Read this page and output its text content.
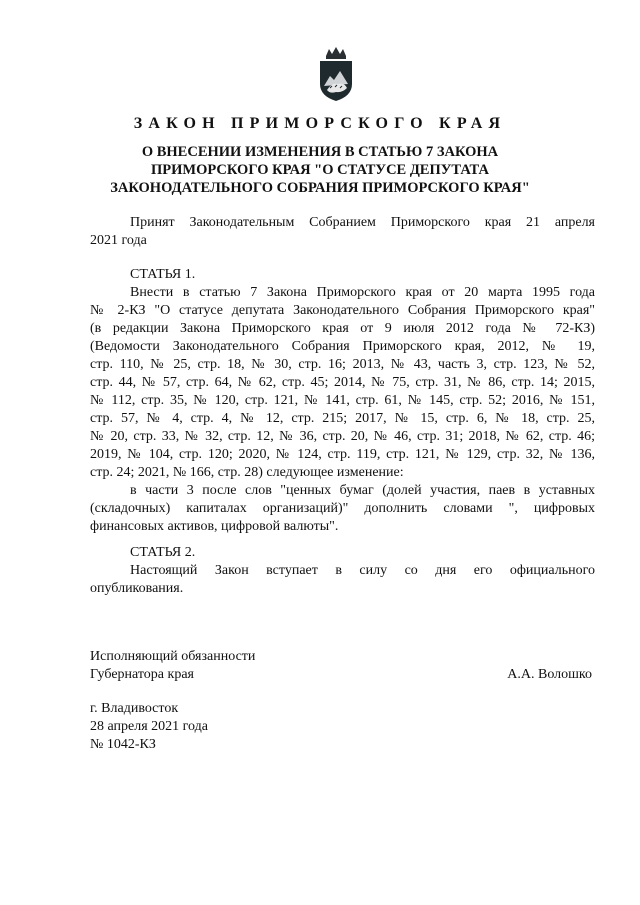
ЗАКОН ПРИМОРСКОГО КРАЯ
О ВНЕСЕНИИ ИЗМЕНЕНИЯ В СТАТЬЮ 7 ЗАКОНА
ПРИМОРСКОГО КРАЯ "О СТАТУСЕ ДЕПУТАТА
ЗАКОНОДАТЕЛЬНОГО СОБРАНИЯ ПРИМОРСКОГО КРАЯ"
Принят Законодательным Собранием Приморского края 21 апреля
2021 года
СТАТЬЯ 1.
Внести в статью 7 Закона Приморского края от 20 марта 1995 года
№ 2-КЗ "О статусе депутата Законодательного Собрания Приморского края"
(в редакции Закона Приморского края от 9 июля 2012 года № 72-КЗ)
(Ведомости Законодательного Собрания Приморского края, 2012, № 19,
стр. 110, № 25, стр. 18, № 30, стр. 16; 2013, № 43, часть 3, стр. 123, № 52,
стр. 44, № 57, стр. 64, № 62, стр. 45; 2014, № 75, стр. 31, № 86, стр. 14; 2015,
№ 112, стр. 35, № 120, стр. 121, № 141, стр. 61, № 145, стр. 52; 2016, № 151,
стр. 57, № 4, стр. 4, № 12, стр. 215; 2017, № 15, стр. 6, № 18, стр. 25,
№ 20, стр. 33, № 32, стр. 12, № 36, стр. 20, № 46, стр. 31; 2018, № 62, стр. 46;
2019, № 104, стр. 120; 2020, № 124, стр. 119, стр. 121, № 129, стр. 32, № 136,
стр. 24; 2021, № 166, стр. 28) следующее изменение:
в части 3 после слов "ценных бумаг (долей участия, паев в уставных
(складочных) капиталах организаций)" дополнить словами ", цифровых
финансовых активов, цифровой валюты".
СТАТЬЯ 2.
Настоящий Закон вступает в силу со дня его официального
опубликования.
Исполняющий обязанности
Губернатора края	А.А. Волошко
г. Владивосток
28 апреля 2021 года
№ 1042-КЗ
